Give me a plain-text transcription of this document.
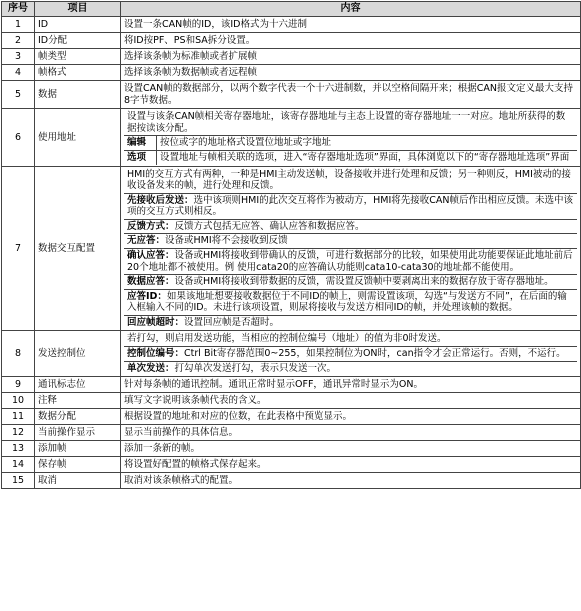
序号	项目	内容
1	ID	设置一条CAN帧的ID，该ID格式为十六进制
2	ID分配	将ID按PF、PS和SA拆分设置。
3	帧类型	选择该条帧为标准帧或者扩展帧
4	帧格式	选择该条帧为数据帧或者远程帧
5	数据	设置CAN帧的数据部分，以两个数字代表一个十六进制数，并以空格间隔开来；根据CAN报文定义最大支持8字节数据。
6	使用地址	
设置与该条CAN帧相关寄存器地址，该寄存器地址与主态上设置的寄存器地址一一对应。地址所获得的数据按读该分配。
编辑	按位或字的地址格式设置位地址或字地址
选项	设置地址与帧相关联的选项，进入“寄存器地址选项”界面，具体浏览以下的“寄存器地址选项”界面

7	数据交互配置	
HMI的交互方式有两种，一种是HMI主动发送帧，设备接收并进行处理和反馈；另一种则反，HMI被动的接收设备发来的帧，进行处理和反馈。
先接收后发送：选中该项则HMI的此次交互将作为被动方，HMI将先接收CAN帧后作出相应反馈。未选中该项的交互方式则相反。
反馈方式：反馈方式包括无应答、确认应答和数据应答。
无应答：设备或HMI将不会接收到反馈
确认应答：设备或HMI将接收到带确认的反馈，可进行数据部分的比较，如果使用此功能要保证此地址前后20个地址都不被使用。例 使用cata20的应答确认功能则cata10-cata30的地址都不能使用。
数据应答：设备或HMI将接收到带数据的反馈，需设置反馈帧中要剥离出来的数据存放于寄存器地址。
应答ID：如果该地址想要接收数据位于不同ID的帧上，则需设置该项，勾选“与发送方不同”，在后面的输入框输入不同的ID。未进行该项设置，则尿将接收与发送方相同ID的帧，并处理该帧的数据。
回应帧超时：设置回应帧是否超时。

8	发送控制位	
若打勾，则启用发送功能，当相应的控制位编号（地址）的值为非0时发送。
控制位编号：Ctrl Bit寄存器范围0~255，如果控制位为ON时，can指令才会正常运行。否则，不运行。
单次发送：打勾单次发送打勾，表示只发送一次。

9	通讯标志位	针对每条帧的通讯控制。通讯正常时显示OFF，通讯异常时显示为ON。
10	注释	填写文字说明该条帧代表的含义。
11	数据分配	根据设置的地址和对应的位数，在此表格中预览显示。
12	当前操作显示	显示当前操作的具体信息。
13	添加帧	添加一条新的帧。
14	保存帧	将设置好配置的帧格式保存起来。
15	取消	取消对该条帧格式的配置。
